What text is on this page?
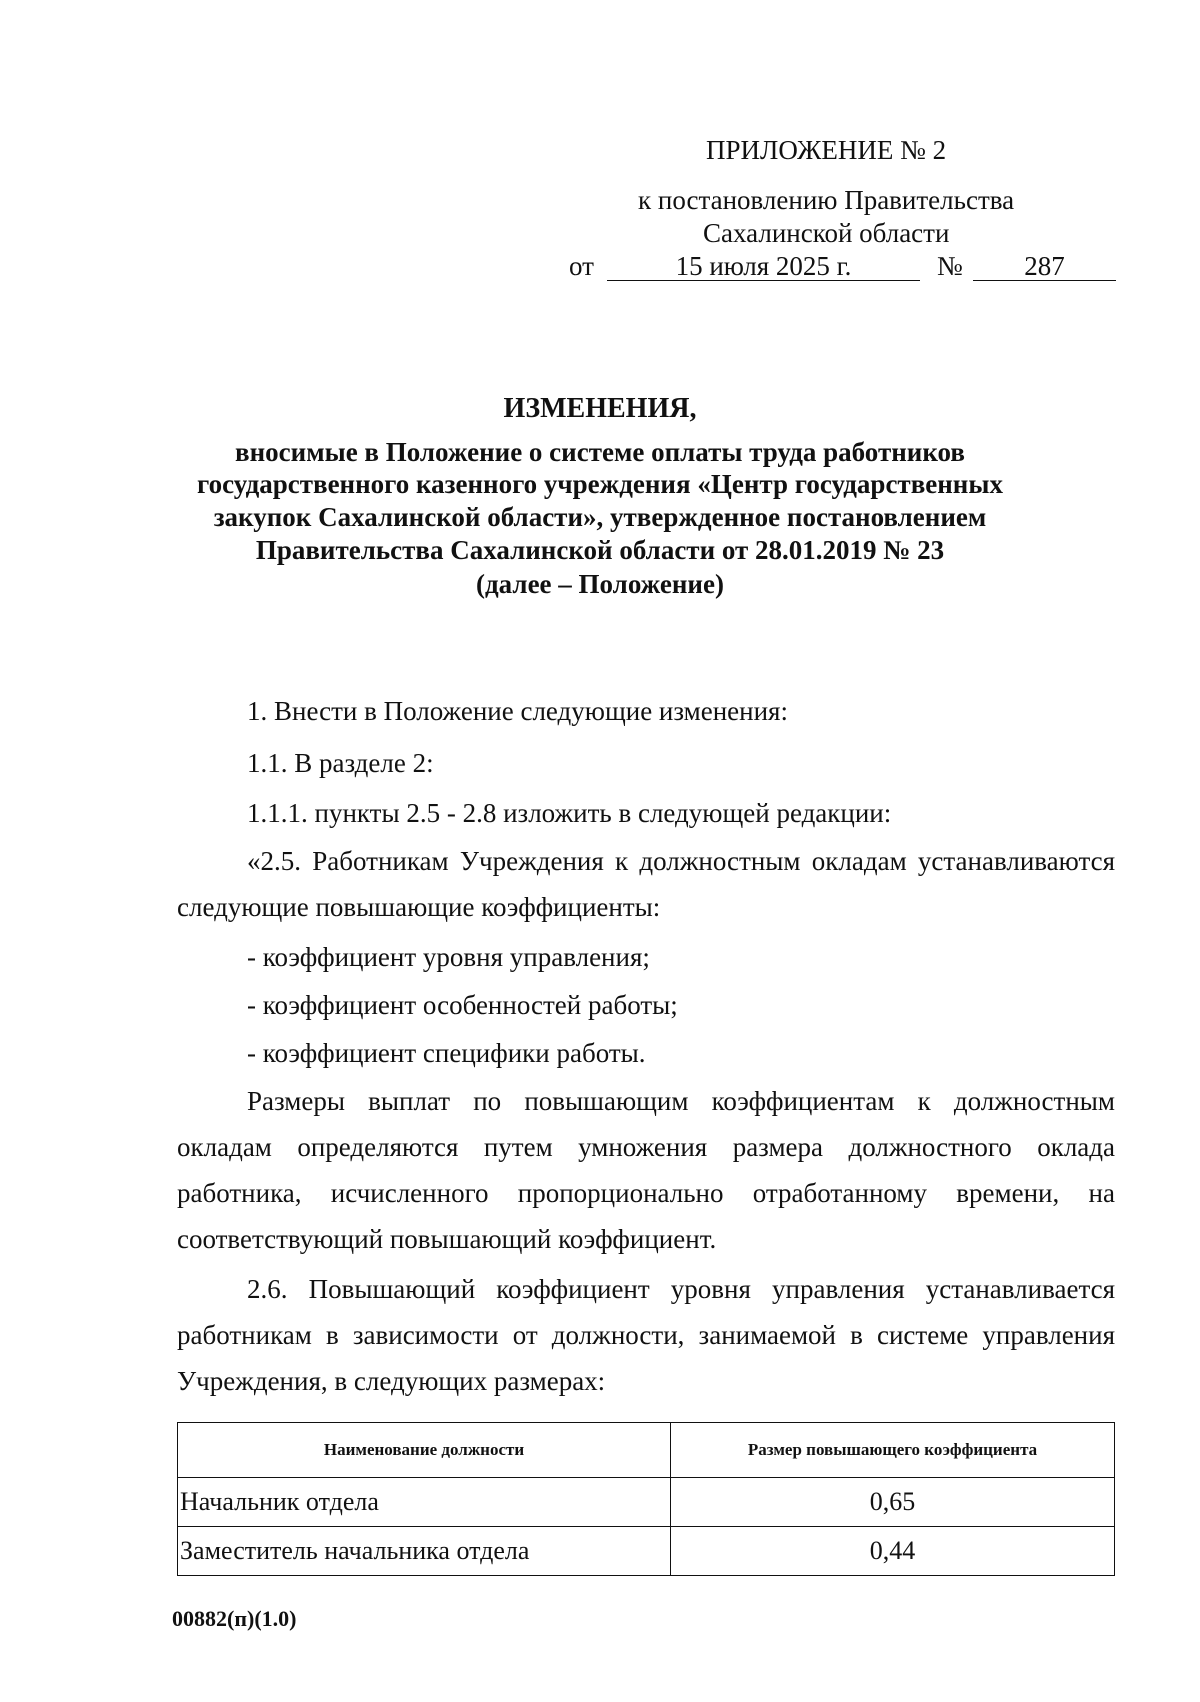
ПРИЛОЖЕНИЕ № 2
к постановлению Правительства
Сахалинской области
от	15 июля 2025 г.	№	287
ИЗМЕНЕНИЯ,
вносимые в Положение о системе оплаты труда работников
государственного казенного учреждения «Центр государственных
закупок Сахалинской области», утвержденное постановлением
Правительства Сахалинской области от 28.01.2019 № 23
(далее – Положение)
1. Внести в Положение следующие изменения:
1.1. В разделе 2:
1.1.1. пункты 2.5 - 2.8 изложить в следующей редакции:
«2.5. Работникам Учреждения к должностным окладам устанавливаются следующие повышающие коэффициенты:
- коэффициент уровня управления;
- коэффициент особенностей работы;
- коэффициент специфики работы.
Размеры выплат по повышающим коэффициентам к должностным окладам определяются путем умножения размера должностного оклада работника, исчисленного пропорционально отработанному времени, на соответствующий повышающий коэффициент.
2.6. Повышающий коэффициент уровня управления устанавливается работникам в зависимости от должности, занимаемой в системе управления Учреждения, в следующих размерах:
Наименование должности	Размер повышающего коэффициента
Начальник отдела	0,65
Заместитель начальника отдела	0,44
00882(п)(1.0)
